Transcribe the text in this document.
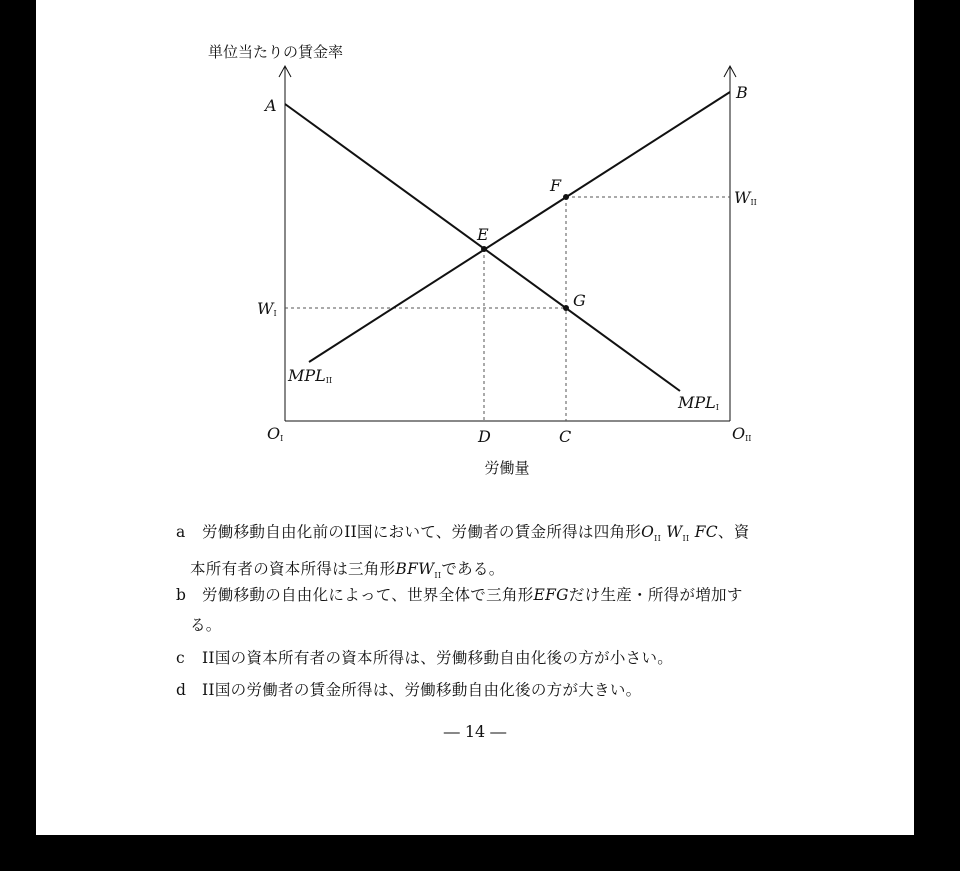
単位当たりの賃金率
労働量
A
B
E
F
G
D	C
OI	OII
WI
WII
MPLII
MPLI
a 労働移動自由化前のII国において、労働者の賃金所得は四角形$O_{II}$ $W_{II}$ FC、資
本所有者の資本所得は三角形$BFW_{II}$である。
b 労働移動の自由化によって、世界全体で三角形EFGだけ生産・所得が増加す
る。
c II国の資本所有者の資本所得は、労働移動自由化後の方が小さい。
d II国の労働者の賃金所得は、労働移動自由化後の方が大きい。
― 14 ―
